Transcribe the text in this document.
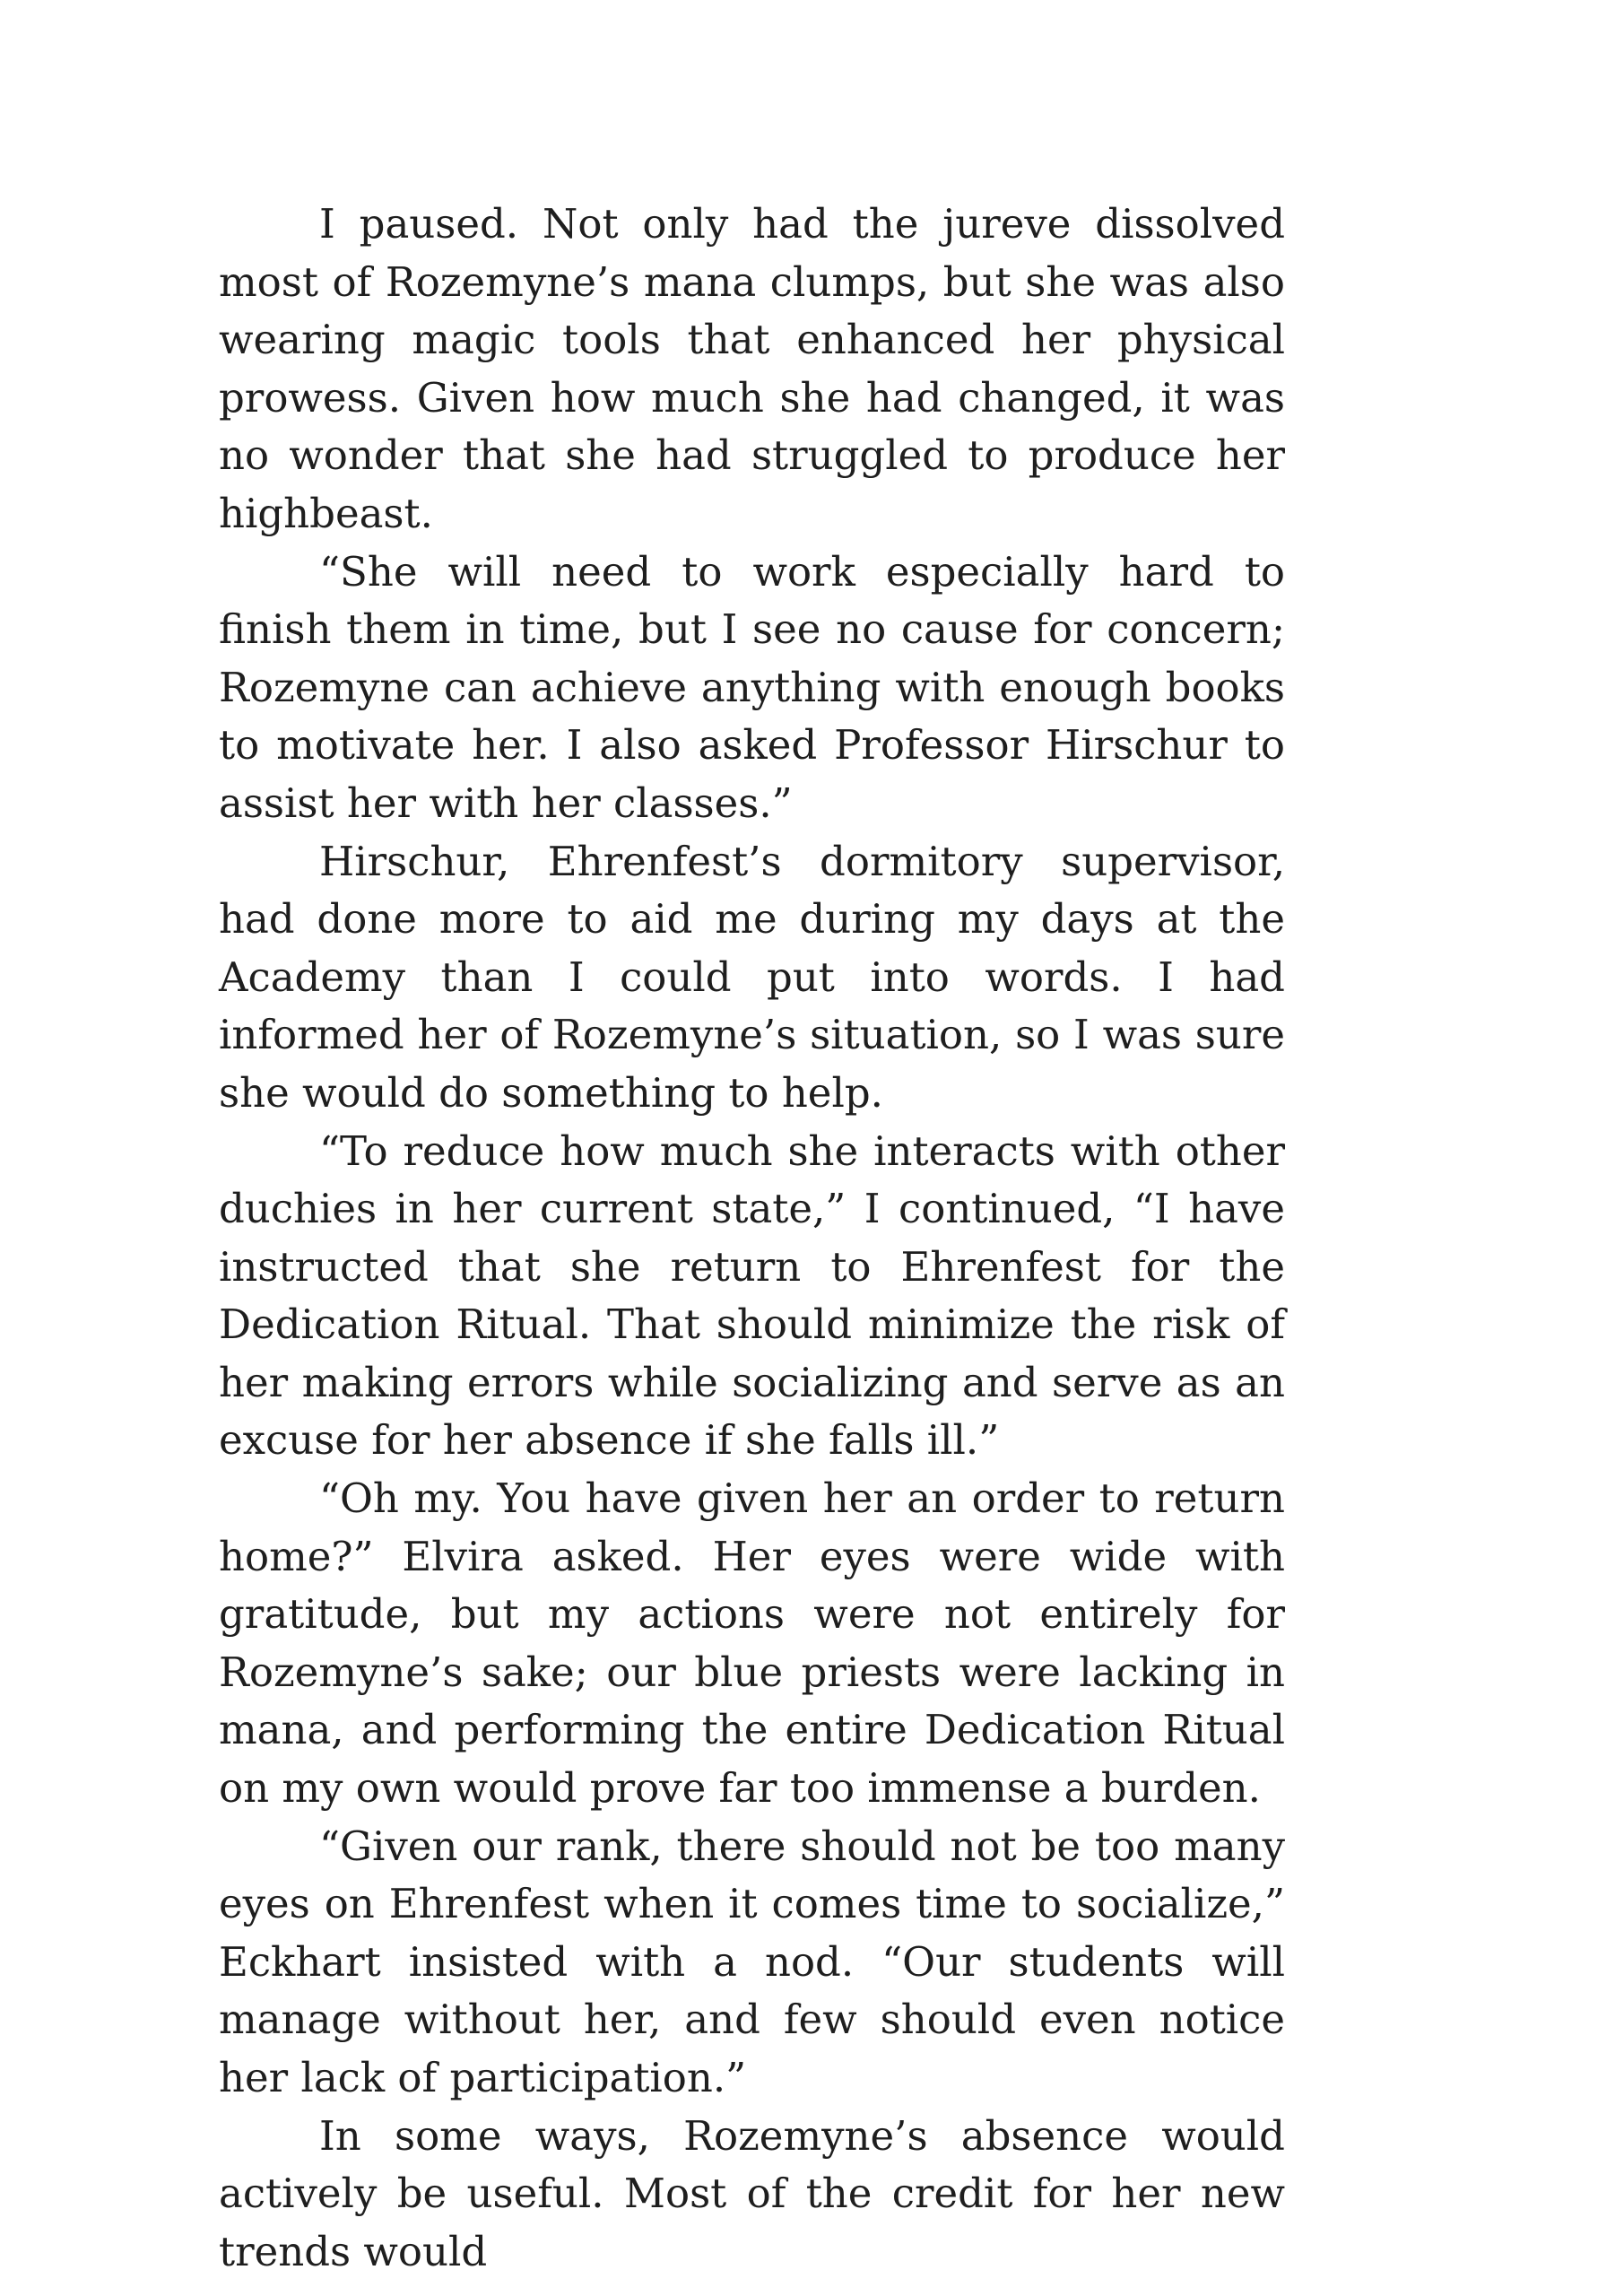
I paused. Not only had the jureve dissolved most of Rozemyne’s mana clumps, but she was also wearing magic tools that enhanced her physical prowess. Given how much she had changed, it was no wonder that she had struggled to produce her highbeast.

“She will need to work especially hard to finish them in time, but I see no cause for concern; Rozemyne can achieve anything with enough books to motivate her. I also asked Professor Hirschur to assist her with her classes.”

Hirschur, Ehrenfest’s dormitory supervisor, had done more to aid me during my days at the Academy than I could put into words. I had informed her of Rozemyne’s situation, so I was sure she would do something to help.

“To reduce how much she interacts with other duchies in her current state,” I continued, “I have instructed that she return to Ehrenfest for the Dedication Ritual. That should minimize the risk of her making errors while socializing and serve as an excuse for her absence if she falls ill.”

“Oh my. You have given her an order to return home?” Elvira asked. Her eyes were wide with gratitude, but my actions were not entirely for Rozemyne’s sake; our blue priests were lacking in mana, and performing the entire Dedication Ritual on my own would prove far too immense a burden.

“Given our rank, there should not be too many eyes on Ehrenfest when it comes time to socialize,” Eckhart insisted with a nod. “Our students will manage without her, and few should even notice her lack of participation.”

In some ways, Rozemyne’s absence would actively be useful. Most of the credit for her new trends would
